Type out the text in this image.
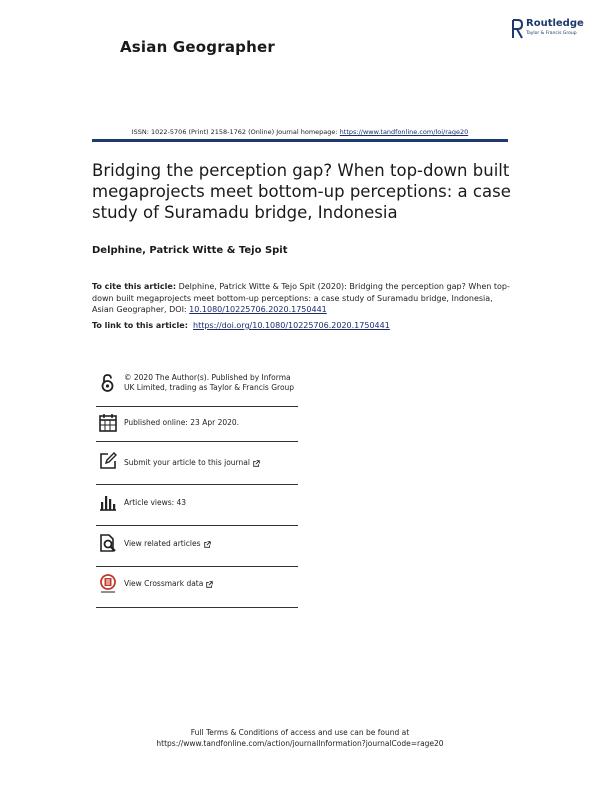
Asian Geographer
Routledge
Taylor & Francis Group
ISSN: 1022-5706 (Print) 2158-1762 (Online) Journal homepage: https://www.tandfonline.com/loi/rage20
Bridging the perception gap? When top-down built megaprojects meet bottom-up perceptions: a case study of Suramadu bridge, Indonesia
Delphine, Patrick Witte & Tejo Spit
To cite this article: Delphine, Patrick Witte & Tejo Spit (2020): Bridging the perception gap? When top-down built megaprojects meet bottom-up perceptions: a case study of Suramadu bridge, Indonesia, Asian Geographer, DOI: 10.1080/10225706.2020.1750441
To link to this article: https://doi.org/10.1080/10225706.2020.1750441
© 2020 The Author(s). Published by Informa UK Limited, trading as Taylor & Francis Group
Published online: 23 Apr 2020.
Submit your article to this journal
Article views: 43
View related articles
View Crossmark data
Full Terms & Conditions of access and use can be found at
https://www.tandfonline.com/action/journalInformation?journalCode=rage20
